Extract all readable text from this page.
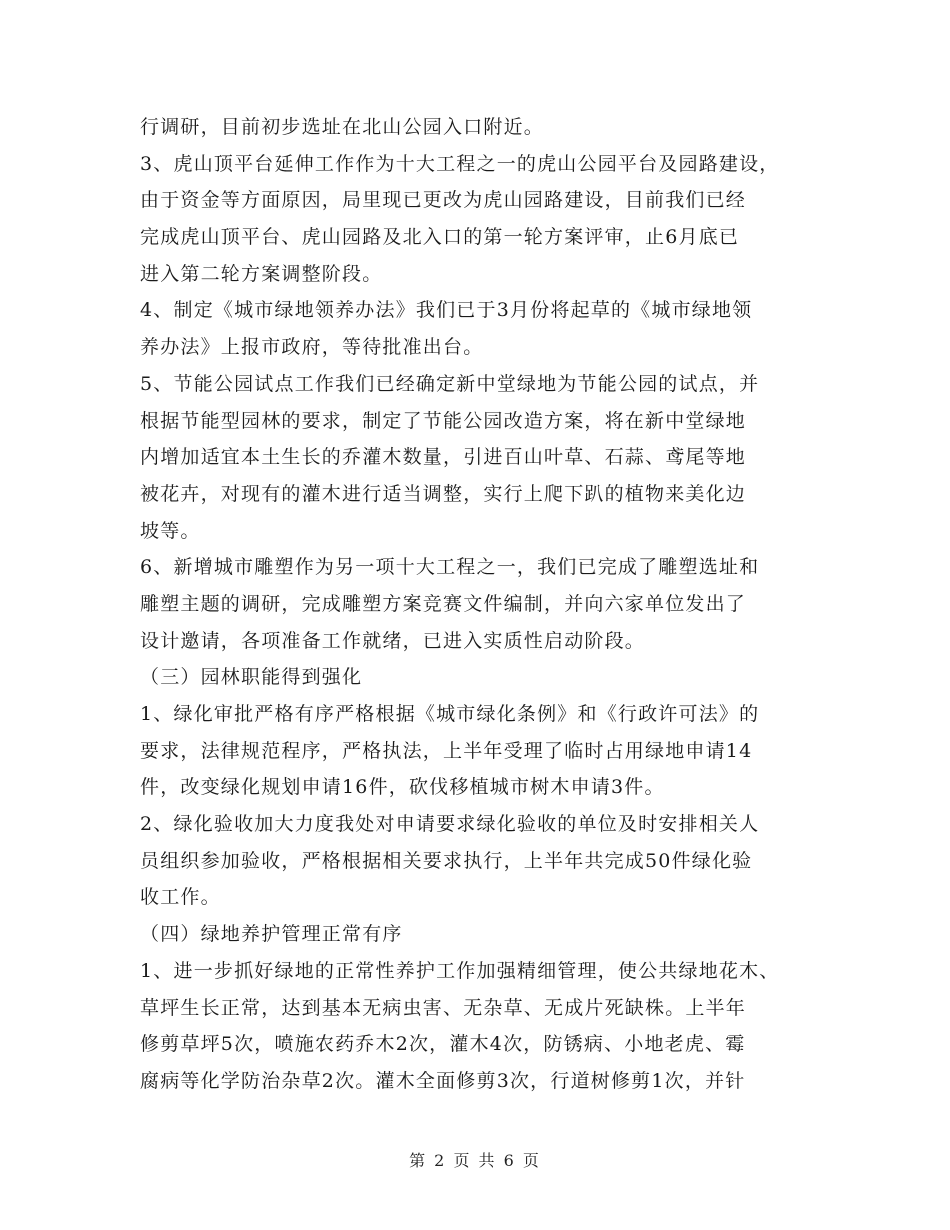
行调研，目前初步选址在北山公园入口附近。
3、虎山顶平台延伸工作作为十大工程之一的虎山公园平台及园路建设，
由于资金等方面原因，局里现已更改为虎山园路建设，目前我们已经
完成虎山顶平台、虎山园路及北入口的第一轮方案评审，止6月底已
进入第二轮方案调整阶段。
4、制定《城市绿地领养办法》我们已于3月份将起草的《城市绿地领
养办法》上报市政府，等待批准出台。
5、节能公园试点工作我们已经确定新中堂绿地为节能公园的试点，并
根据节能型园林的要求，制定了节能公园改造方案，将在新中堂绿地
内增加适宜本土生长的乔灌木数量，引进百山叶草、石蒜、鸢尾等地
被花卉，对现有的灌木进行适当调整，实行上爬下趴的植物来美化边
坡等。
6、新增城市雕塑作为另一项十大工程之一，我们已完成了雕塑选址和
雕塑主题的调研，完成雕塑方案竞赛文件编制，并向六家单位发出了
设计邀请，各项准备工作就绪，已进入实质性启动阶段。
（三）园林职能得到强化
1、绿化审批严格有序严格根据《城市绿化条例》和《行政许可法》的
要求，法律规范程序，严格执法，上半年受理了临时占用绿地申请14
件，改变绿化规划申请16件，砍伐移植城市树木申请3件。
2、绿化验收加大力度我处对申请要求绿化验收的单位及时安排相关人
员组织参加验收，严格根据相关要求执行，上半年共完成50件绿化验
收工作。
（四）绿地养护管理正常有序
1、进一步抓好绿地的正常性养护工作加强精细管理，使公共绿地花木、
草坪生长正常，达到基本无病虫害、无杂草、无成片死缺株。上半年
修剪草坪5次，喷施农药乔木2次，灌木4次，防锈病、小地老虎、霉
腐病等化学防治杂草2次。灌木全面修剪3次，行道树修剪1次，并针
第 2 页 共 6 页
